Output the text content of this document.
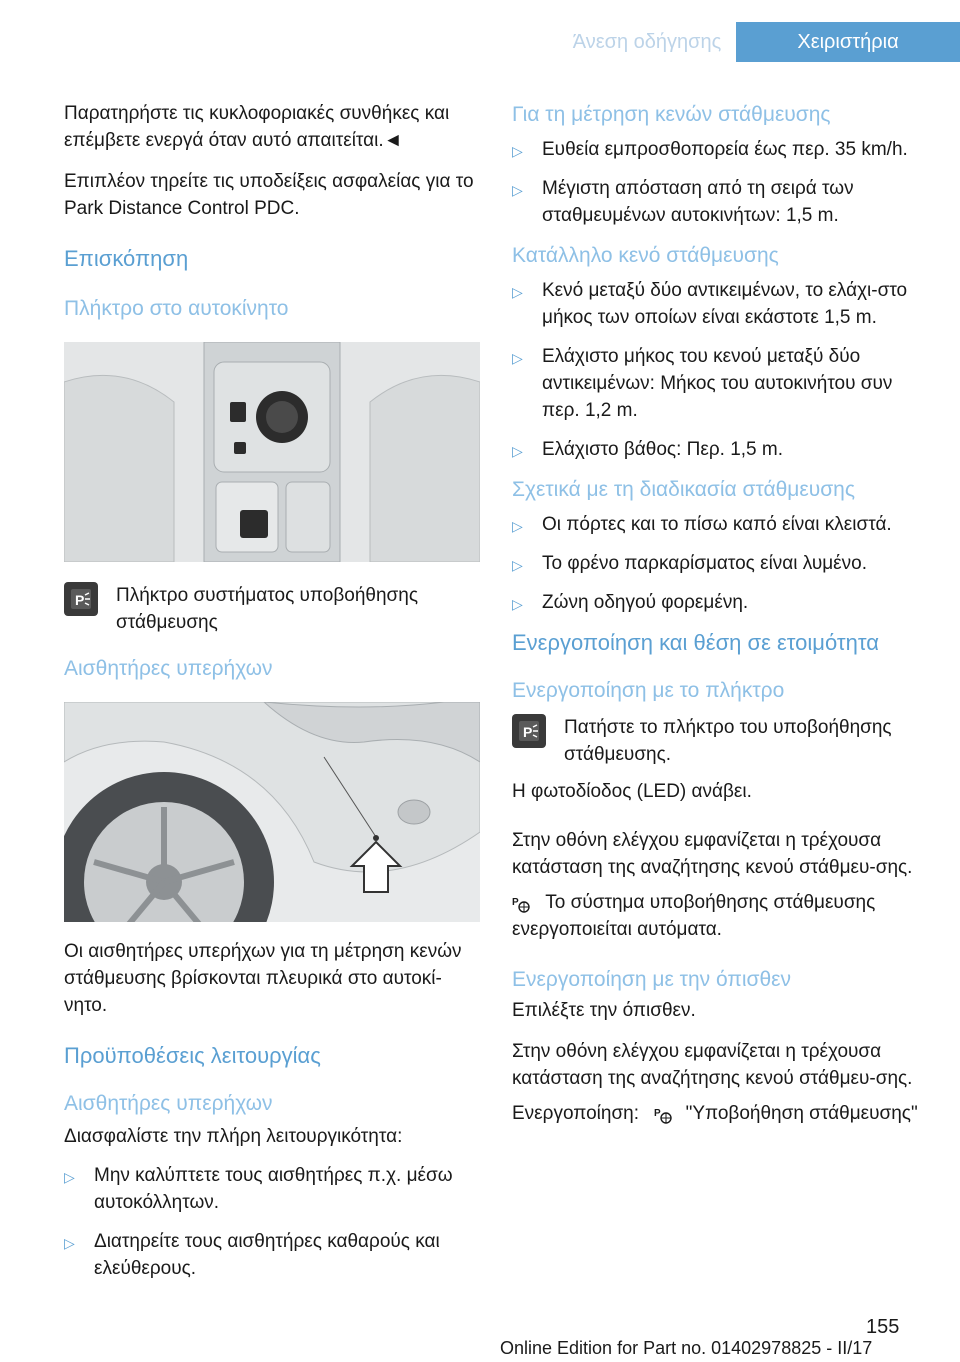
Άνεση οδήγησης	Χειριστήρια

Παρατηρήστε τις κυκλοφοριακές συνθήκες και επέμβετε ενεργά όταν αυτό απαιτείται.◄

Επιπλέον τηρείτε τις υποδείξεις ασφαλείας για το Park Distance Control PDC.

Επισκόπηση
Πλήκτρο στο αυτοκίνητο
P Πλήκτρο συστήματος υποβοήθησης στάθμευσης

Αισθητήρες υπερήχων

Οι αισθητήρες υπερήχων για τη μέτρηση κενών στάθμευσης βρίσκονται πλευρικά στο αυτοκί-νητο.

Προϋποθέσεις λειτουργίας
Αισθητήρες υπερήχων

Διασφαλίστε την πλήρη λειτουργικότητα:

▷ Μην καλύπτετε τους αισθητήρες π.χ. μέσω αυτοκόλλητων.
▷ Διατηρείτε τους αισθητήρες καθαρούς και ελεύθερους.
Για τη μέτρηση κενών στάθμευσης
▷ Ευθεία εμπροσθοπορεία έως περ. 35 km/h.
▷ Μέγιστη απόσταση από τη σειρά των σταθμευμένων αυτοκινήτων: 1,5 m.
Κατάλληλο κενό στάθμευσης
▷ Κενό μεταξύ δύο αντικειμένων, το ελάχι-στο μήκος των οποίων είναι εκάστοτε 1,5 m.
▷ Ελάχιστο μήκος του κενού μεταξύ δύο αντικειμένων: Μήκος του αυτοκινήτου συν περ. 1,2 m.
▷ Ελάχιστο βάθος: Περ. 1,5 m.
Σχετικά με τη διαδικασία στάθμευσης
▷ Οι πόρτες και το πίσω καπό είναι κλειστά.
▷ Το φρένο παρκαρίσματος είναι λυμένο.
▷ Ζώνη οδηγού φορεμένη.
Ενεργοποίηση και θέση σε ετοιμότητα
Ενεργοποίηση με το πλήκτρο
P Πατήστε το πλήκτρο του υποβοήθησης στάθμευσης.

Η φωτοδίοδος (LED) ανάβει.

Στην οθόνη ελέγχου εμφανίζεται η τρέχουσα κατάσταση της αναζήτησης κενού στάθμευ-σης.

P Το σύστημα υποβοήθησης στάθμευσης ενεργοποιείται αυτόματα.

Ενεργοποίηση με την όπισθεν

Επιλέξτε την όπισθεν.

Στην οθόνη ελέγχου εμφανίζεται η τρέχουσα κατάσταση της αναζήτησης κενού στάθμευ-σης.

Ενεργοποίηση: P "Υποβοήθηση στάθμευσης"

155
Online Edition for Part no. 01402978825 - II/17
